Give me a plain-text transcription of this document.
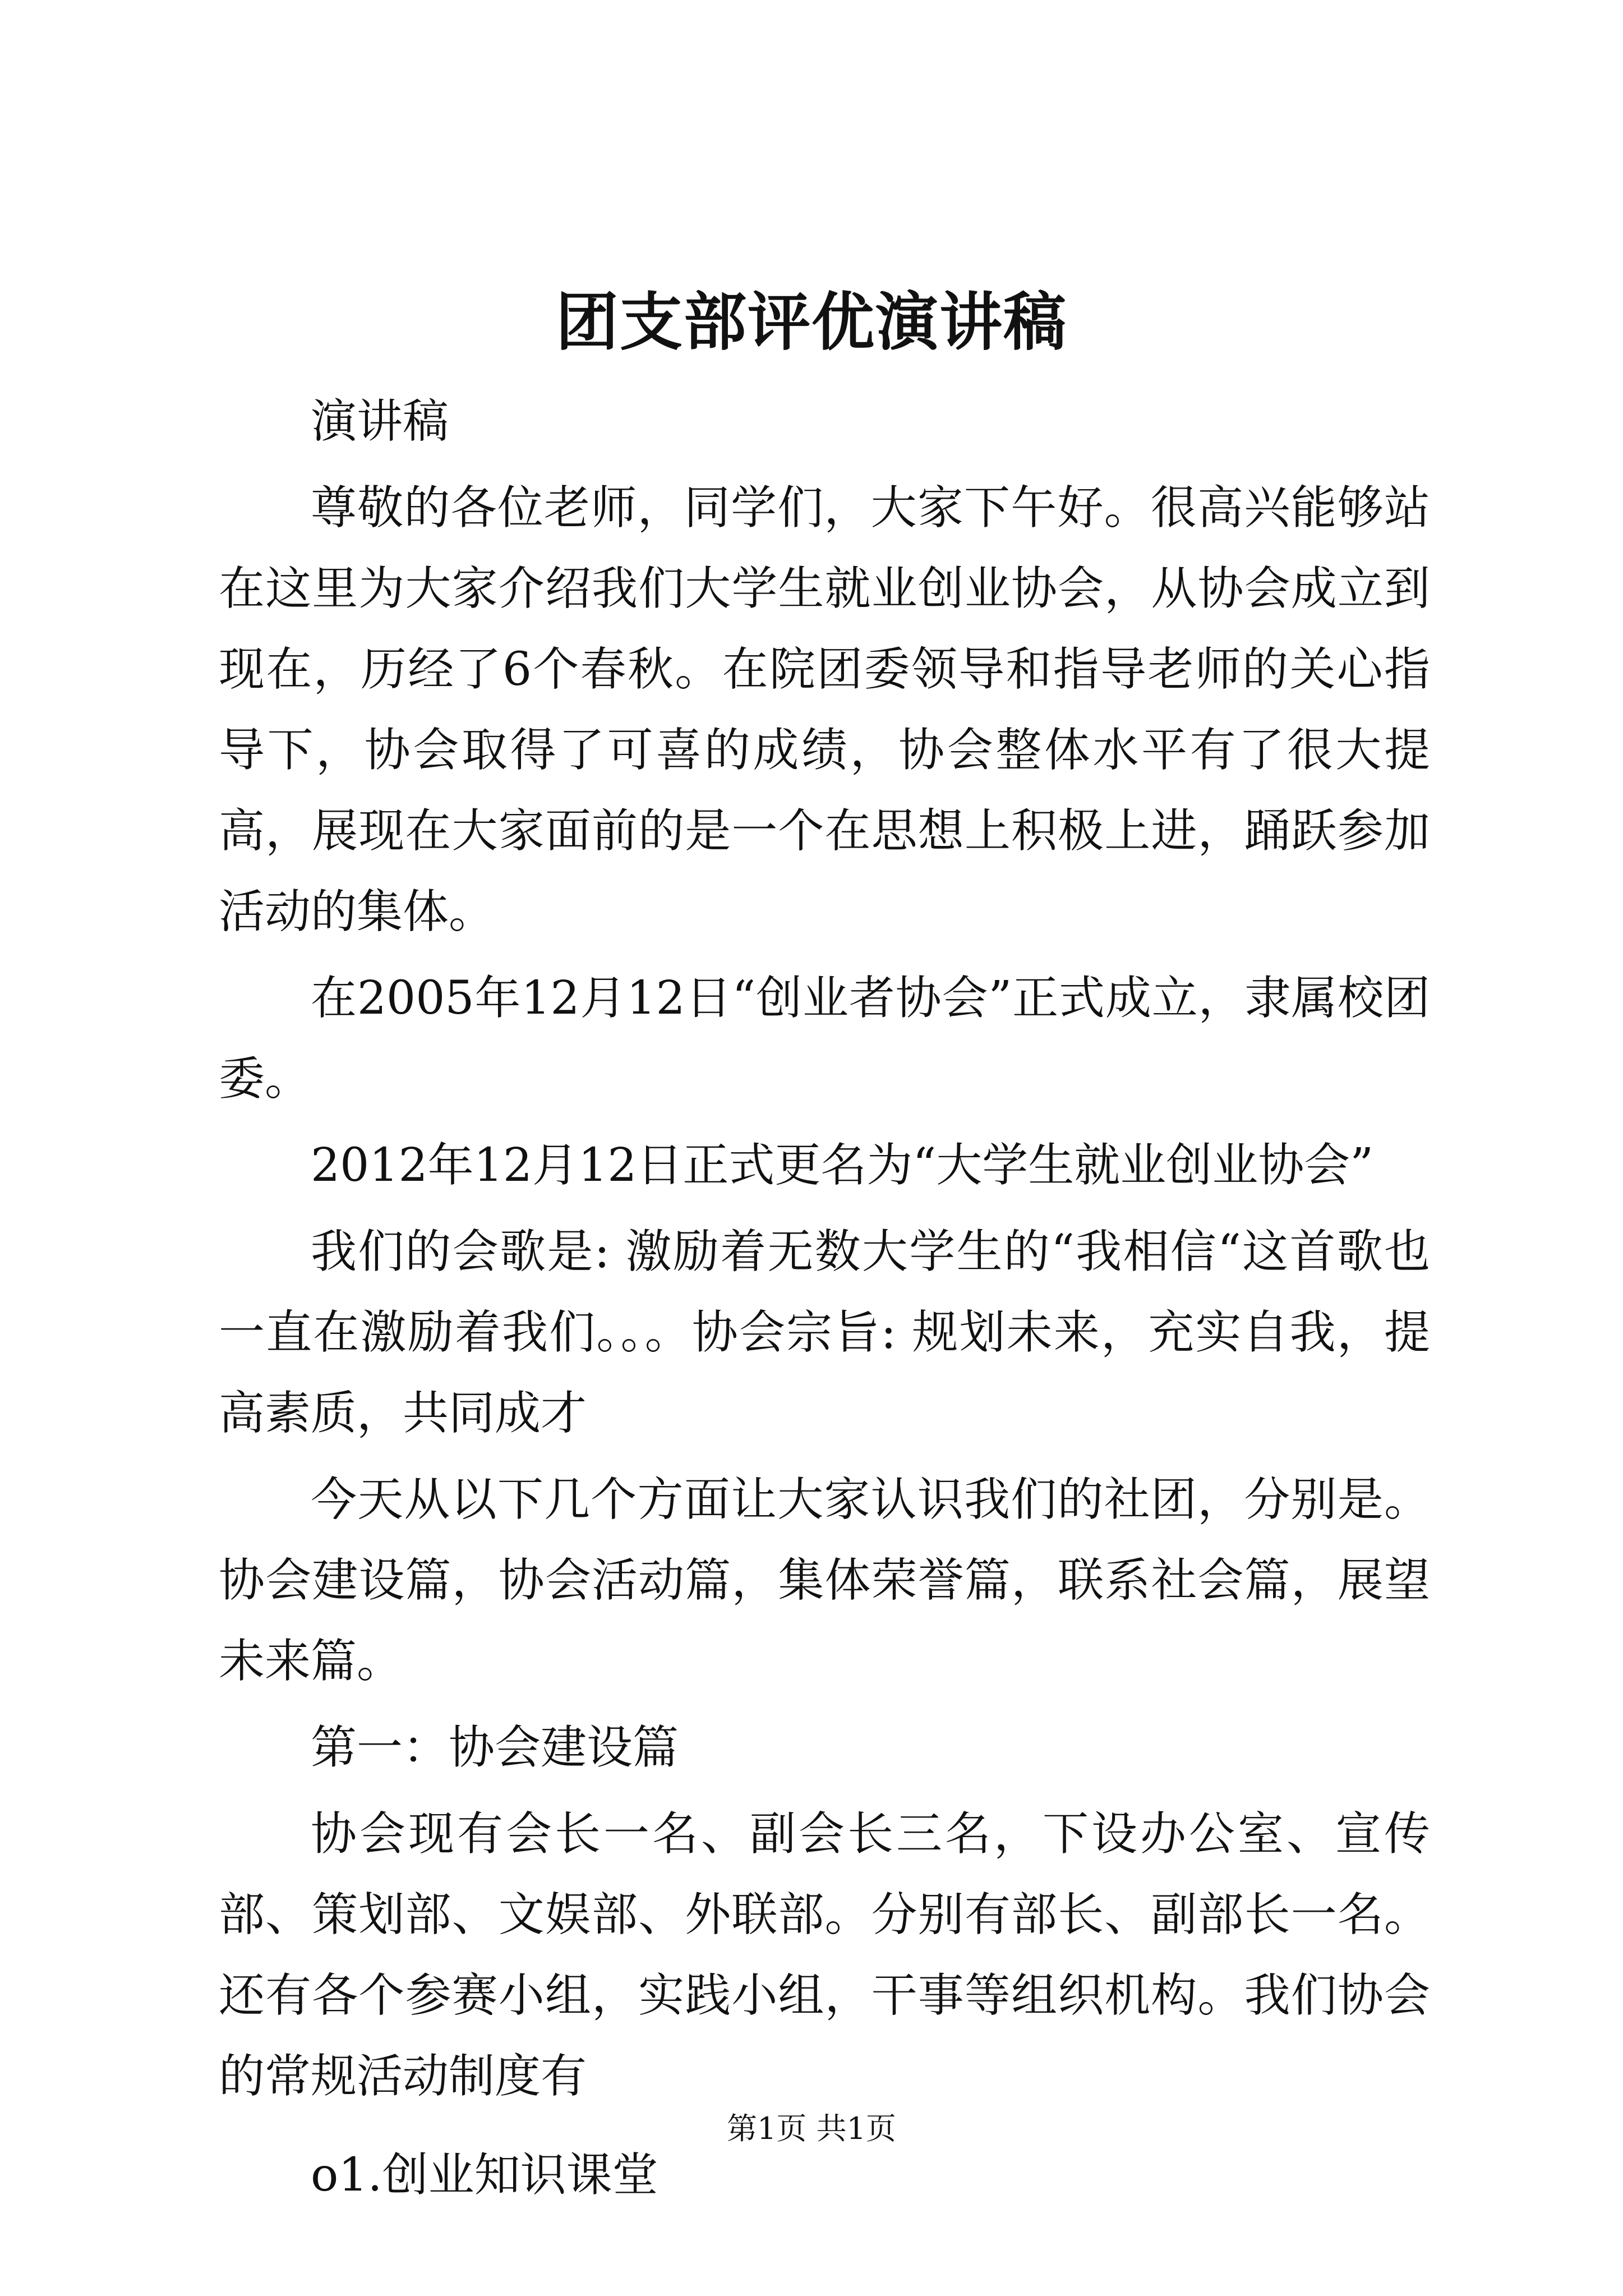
团支部评优演讲稿

演讲稿

尊敬的各位老师，同学们，大家下午好。很高兴能够站在这里为大家介绍我们大学生就业创业协会，从协会成立到现在，历经了6个春秋。在院团委领导和指导老师的关心指导下，协会取得了可喜的成绩，协会整体水平有了很大提高，展现在大家面前的是一个在思想上积极上进，踊跃参加活动的集体。

在2005年12月12日“创业者协会”正式成立，隶属校团委。

2012年12月12日正式更名为“大学生就业创业协会”

我们的会歌是: 激励着无数大学生的“我相信“这首歌也一直在激励着我们。。。协会宗旨: 规划未来，充实自我，提高素质，共同成才

今天从以下几个方面让大家认识我们的社团，分别是。协会建设篇，协会活动篇，集体荣誉篇，联系社会篇，展望未来篇。

第一：协会建设篇

协会现有会长一名、副会长三名，下设办公室、宣传部、策划部、文娱部、外联部。分别有部长、副部长一名。还有各个参赛小组，实践小组，干事等组织机构。我们协会的常规活动制度有

o1.创业知识课堂

第1页 共1页
